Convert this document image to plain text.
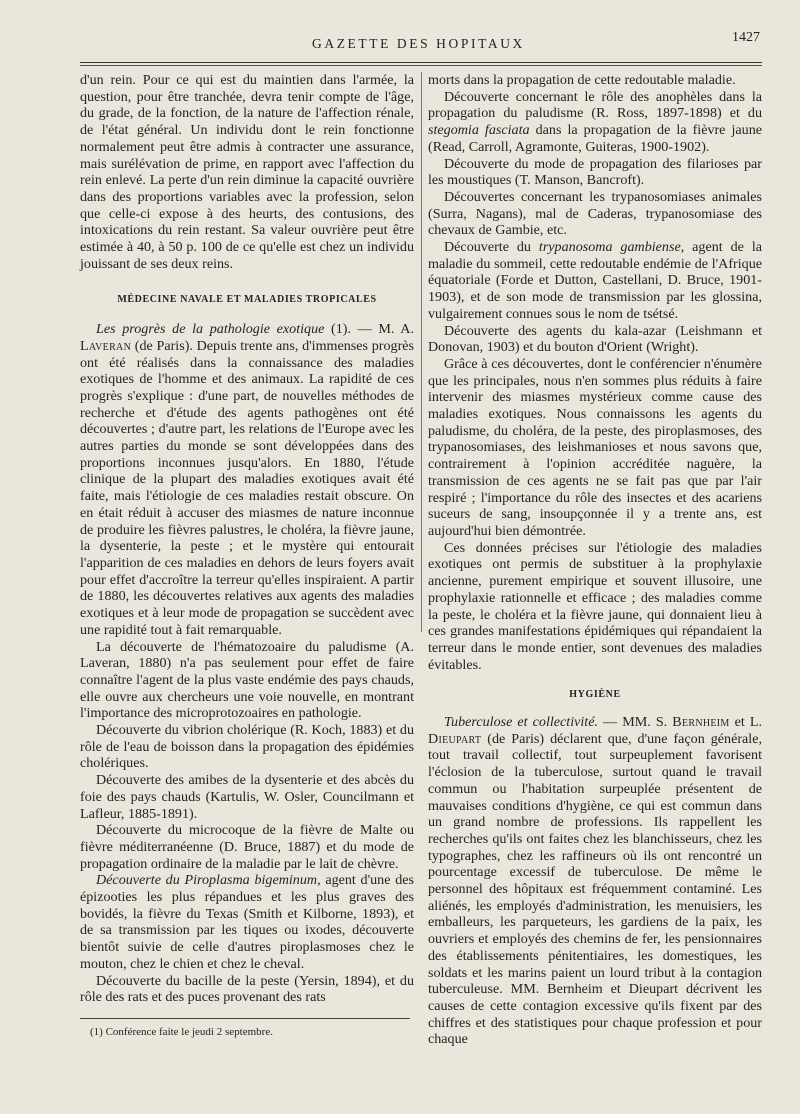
GAZETTE DES HOPITAUX	1427

d'un rein. Pour ce qui est du maintien dans l'armée, la question, pour être tranchée, devra tenir compte de l'âge, du grade, de la fonction, de la nature de l'affection rénale, de l'état général. Un individu dont le rein fonctionne normalement peut être admis à contracter une assurance, mais surélévation de prime, en rapport avec l'affection du rein enlevé. La perte d'un rein diminue la capacité ouvrière dans des proportions variables avec la profession, selon que celle-ci expose à des heurts, des contusions, des intoxications du rein restant. Sa valeur ouvrière peut être estimée à 40, à 50 p. 100 de ce qu'elle est chez un individu jouissant de ses deux reins.

MÉDECINE NAVALE ET MALADIES TROPICALES

Les progrès de la pathologie exotique (1). — M. A. Laveran (de Paris). Depuis trente ans, d'immenses progrès ont été réalisés dans la connaissance des maladies exotiques de l'homme et des animaux. La rapidité de ces progrès s'explique : d'une part, de nouvelles méthodes de recherche et d'étude des agents pathogènes ont été découvertes ; d'autre part, les relations de l'Europe avec les autres parties du monde se sont développées dans des proportions inconnues jusqu'alors. En 1880, l'étude clinique de la plupart des maladies exotiques avait été faite, mais l'étiologie de ces maladies restait obscure. On en était réduit à accuser des miasmes de nature inconnue de produire les fièvres palustres, le choléra, la fièvre jaune, la dysenterie, la peste ; et le mystère qui entourait l'apparition de ces maladies en dehors de leurs foyers avait pour effet d'accroître la terreur qu'elles inspiraient. A partir de 1880, les découvertes relatives aux agents des maladies exotiques et à leur mode de propagation se succèdent avec une rapidité tout à fait remarquable.

La découverte de l'hématozoaire du paludisme (A. Laveran, 1880) n'a pas seulement pour effet de faire connaître l'agent de la plus vaste endémie des pays chauds, elle ouvre aux chercheurs une voie nouvelle, en montrant l'importance des microprotozoaires en pathologie.

Découverte du vibrion cholérique (R. Koch, 1883) et du rôle de l'eau de boisson dans la propagation des épidémies cholériques.

Découverte des amibes de la dysenterie et des abcès du foie des pays chauds (Kartulis, W. Osler, Councilmann et Lafleur, 1885-1891).

Découverte du microcoque de la fièvre de Malte ou fièvre méditerranéenne (D. Bruce, 1887) et du mode de propagation ordinaire de la maladie par le lait de chèvre.

Découverte du Piroplasma bigeminum, agent d'une des épizooties les plus répandues et les plus graves des bovidés, la fièvre du Texas (Smith et Kilborne, 1893), et de sa transmission par les tiques ou ixodes, découverte bientôt suivie de celle d'autres piroplasmoses chez le mouton, chez le chien et chez le cheval.

Découverte du bacille de la peste (Yersin, 1894), et du rôle des rats et des puces provenant des rats

(1) Conférence faite le jeudi 2 septembre.

morts dans la propagation de cette redoutable maladie.

Découverte concernant le rôle des anophèles dans la propagation du paludisme (R. Ross, 1897-1898) et du stegomia fasciata dans la propagation de la fièvre jaune (Read, Carroll, Agramonte, Guiteras, 1900-1902).

Découverte du mode de propagation des filarioses par les moustiques (T. Manson, Bancroft).

Découvertes concernant les trypanosomiases animales (Surra, Nagans), mal de Caderas, trypanosomiase des chevaux de Gambie, etc.

Découverte du trypanosoma gambiense, agent de la maladie du sommeil, cette redoutable endémie de l'Afrique équatoriale (Forde et Dutton, Castellani, D. Bruce, 1901-1903), et de son mode de transmission par les glossina, vulgairement connues sous le nom de tsétsé.

Découverte des agents du kala-azar (Leishmann et Donovan, 1903) et du bouton d'Orient (Wright).

Grâce à ces découvertes, dont le conférencier n'énumère que les principales, nous n'en sommes plus réduits à faire intervenir des miasmes mystérieux comme cause des maladies exotiques. Nous connaissons les agents du paludisme, du choléra, de la peste, des piroplasmoses, des trypanosomiases, des leishmanioses et nous savons que, contrairement à l'opinion accréditée naguère, la transmission de ces agents ne se fait pas que par l'air respiré ; l'importance du rôle des insectes et des acariens suceurs de sang, insoupçonnée il y a trente ans, est aujourd'hui bien démontrée.

Ces données précises sur l'étiologie des maladies exotiques ont permis de substituer à la prophylaxie ancienne, purement empirique et souvent illusoire, une prophylaxie rationnelle et efficace ; des maladies comme la peste, le choléra et la fièvre jaune, qui donnaient lieu à ces grandes manifestations épidémiques qui répandaient la terreur dans le monde entier, sont devenues des maladies évitables.

HYGIÈNE

Tuberculose et collectivité. — MM. S. Bernheim et L. Dieupart (de Paris) déclarent que, d'une façon générale, tout travail collectif, tout surpeuplement favorisent l'éclosion de la tuberculose, surtout quand le travail commun ou l'habitation surpeuplée présentent de mauvaises conditions d'hygiène, ce qui est commun dans un grand nombre de professions. Ils rappellent les recherches qu'ils ont faites chez les blanchisseurs, chez les typographes, chez les raffineurs où ils ont rencontré un pourcentage excessif de tuberculose. De même le personnel des hôpitaux est fréquemment contaminé. Les aliénés, les employés d'administration, les menuisiers, les emballeurs, les parqueteurs, les gardiens de la paix, les ouvriers et employés des chemins de fer, les pensionnaires des établissements pénitentiaires, les domestiques, les soldats et les marins paient un lourd tribut à la contagion tuberculeuse. MM. Bernheim et Dieupart décrivent les causes de cette contagion excessive qu'ils fixent par des chiffres et des statistiques pour chaque profession et pour chaque
